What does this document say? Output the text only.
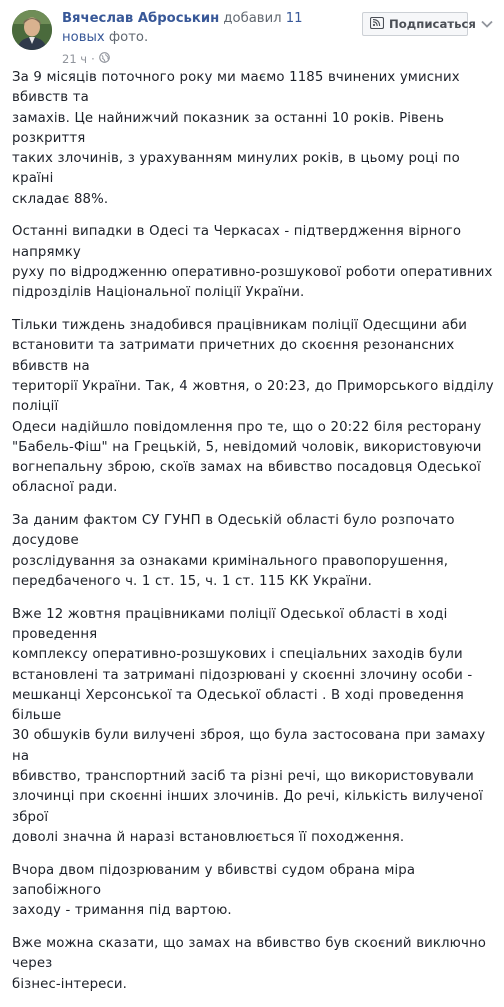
Вячеслав Аброськин добавил 11 новых фото.
21 ч ·
Подписаться

За 9 місяців поточного року ми маємо 1185 вчинених умисних вбивств та
замахів. Це найнижчий показник за останні 10 років. Рівень розкриття
таких злочинів, з урахуванням минулих років, в цьому році по країні
складає 88%.

Останні випадки в Одесі та Черкасах - підтвердження вірного напрямку
руху по відродженню оперативно-розшукової роботи оперативних
підрозділів Національної поліції України.

Тільки тиждень знадобився працівникам поліції Одесщини аби
встановити та затримати причетних до скоєння резонансних вбивств на
території України. Так, 4 жовтня, о 20:23, до Приморського відділу поліції
Одеси надійшло повідомлення про те, що о 20:22 біля ресторану
"Бабель-Фіш" на Грецькій, 5, невідомий чоловік, використовуючи
вогнепальну зброю, скоїв замах на вбивство посадовця Одеської
обласної ради.

За даним фактом СУ ГУНП в Одеській області було розпочато досудове
розслідування за ознаками кримінального правопорушення,
передбаченого ч. 1 ст. 15, ч. 1 ст. 115 КК України.

Вже 12 жовтня працівниками поліції Одеської області в ході проведення
комплексу оперативно-розшукових і спеціальних заходів були
встановлені та затримані підозрювані у скоєнні злочину особи -
мешканці Херсонської та Одеської області . В ході проведення більше
30 обшуків були вилучені зброя, що була застосована при замаху на
вбивство, транспортний засіб та різні речі, що використовували
злочинці при скоєнні інших злочинів. До речі, кількість вилученої зброї
доволі значна й наразі встановлюється її походження.

Вчора двом підозрюваним у вбивстві судом обрана міра запобіжного
заходу - тримання під вартою.

Вже можна сказати, що замах на вбивство був скоєний виключно через
бізнес-інтереси.
